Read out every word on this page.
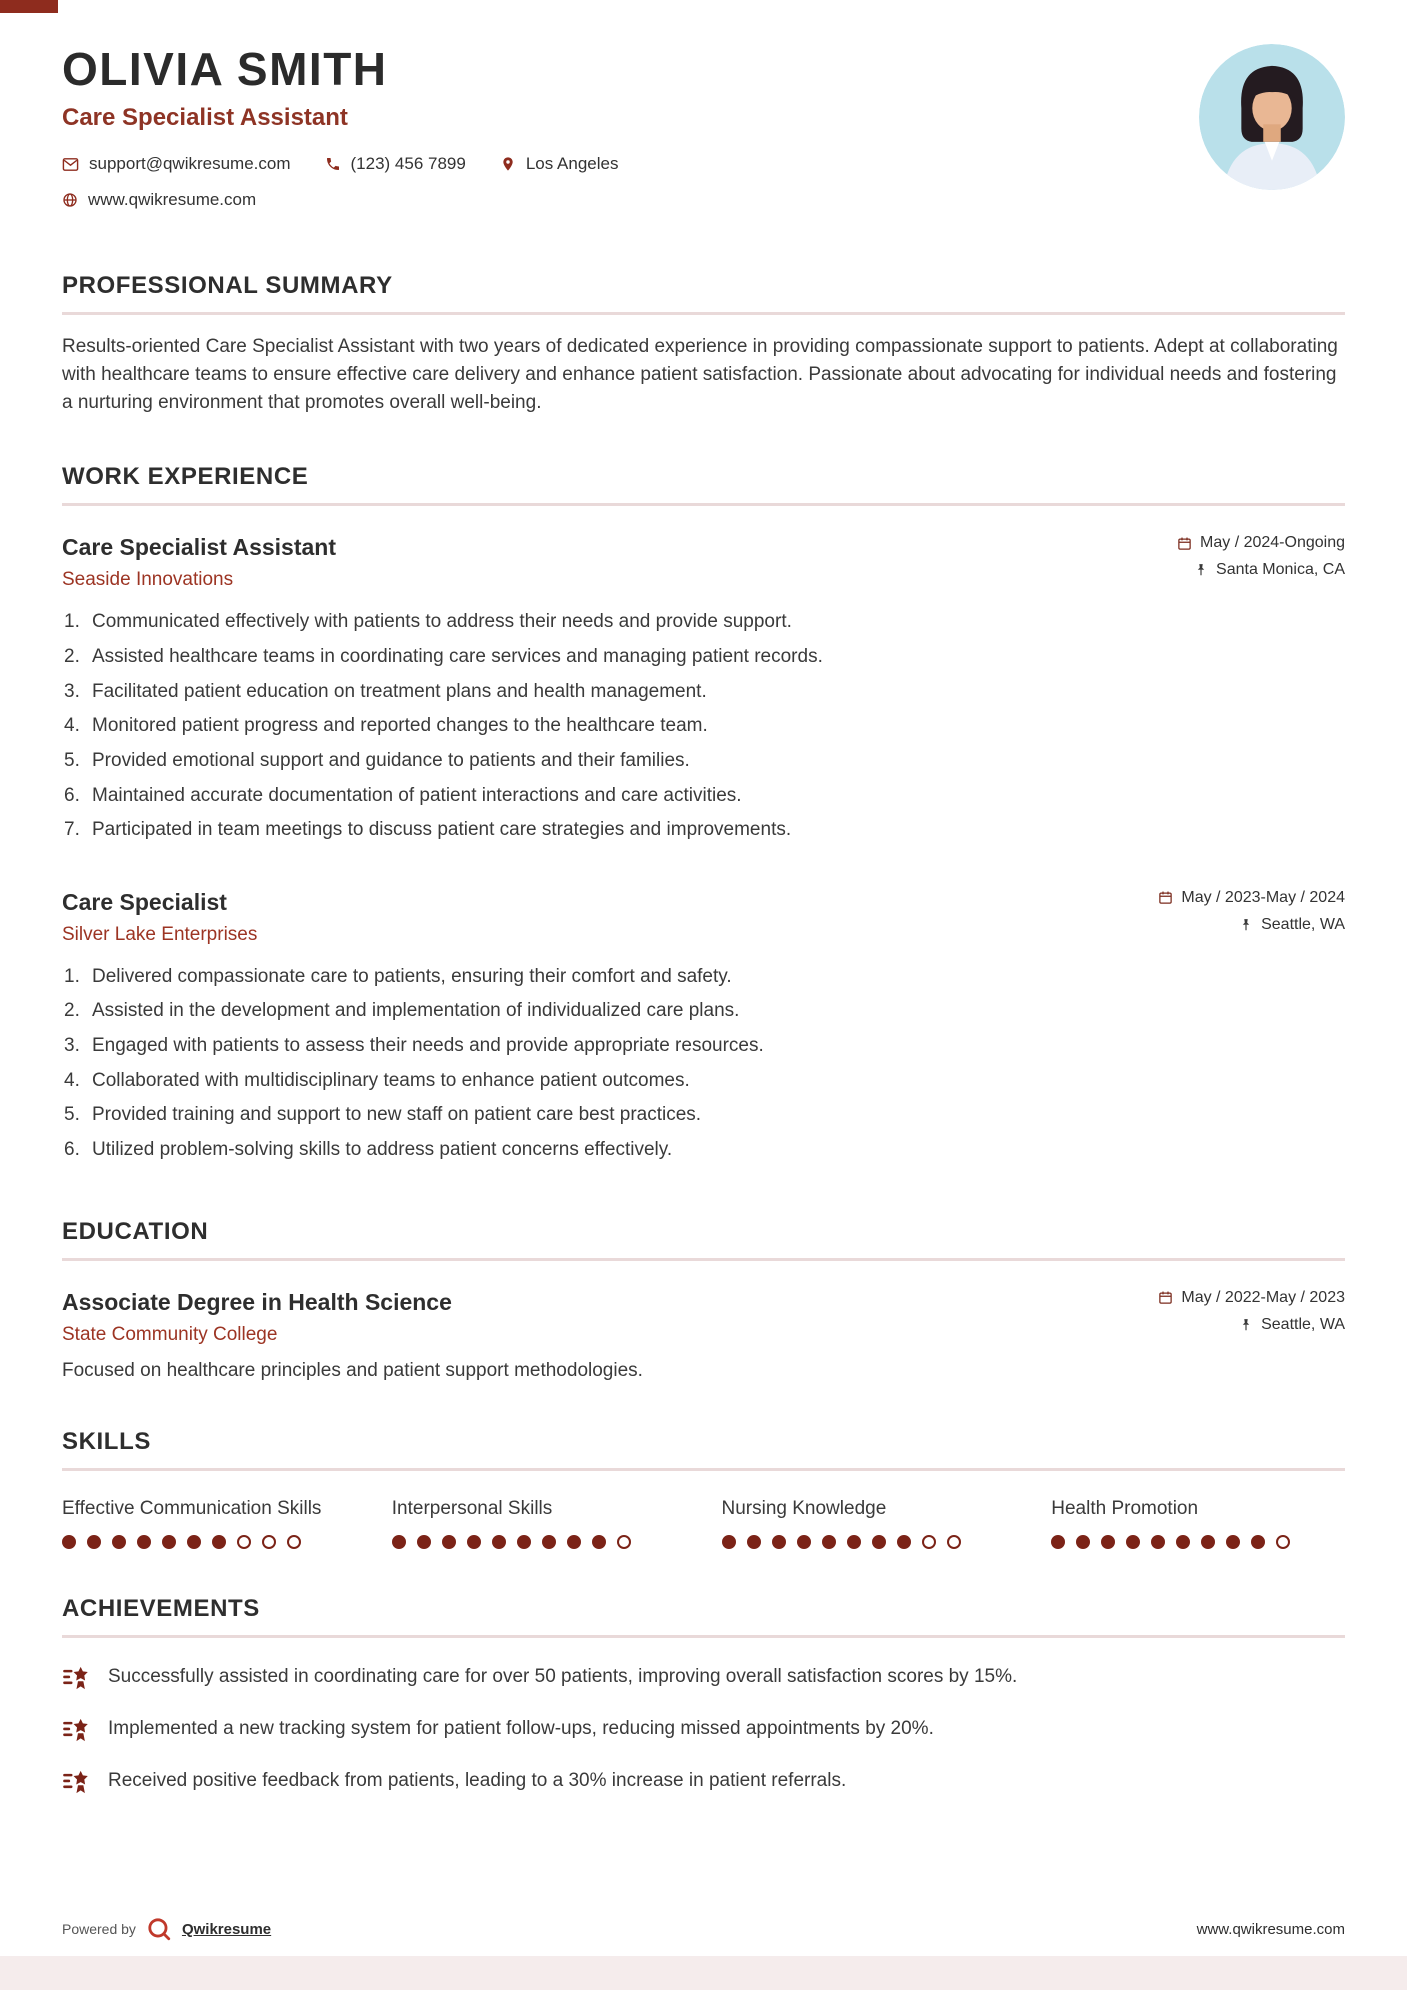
OLIVIA SMITH
Care Specialist Assistant
support@qwikresume.com	(123) 456 7899	Los Angeles
www.qwikresume.com
PROFESSIONAL SUMMARY
Results-oriented Care Specialist Assistant with two years of dedicated experience in providing compassionate support to patients. Adept at collaborating with healthcare teams to ensure effective care delivery and enhance patient satisfaction. Passionate about advocating for individual needs and fostering a nurturing environment that promotes overall well-being.
WORK EXPERIENCE
Care Specialist Assistant
Seaside Innovations
May / 2024-Ongoing
Santa Monica, CA
Communicated effectively with patients to address their needs and provide support.
Assisted healthcare teams in coordinating care services and managing patient records.
Facilitated patient education on treatment plans and health management.
Monitored patient progress and reported changes to the healthcare team.
Provided emotional support and guidance to patients and their families.
Maintained accurate documentation of patient interactions and care activities.
Participated in team meetings to discuss patient care strategies and improvements.
Care Specialist
Silver Lake Enterprises
May / 2023-May / 2024
Seattle, WA
Delivered compassionate care to patients, ensuring their comfort and safety.
Assisted in the development and implementation of individualized care plans.
Engaged with patients to assess their needs and provide appropriate resources.
Collaborated with multidisciplinary teams to enhance patient outcomes.
Provided training and support to new staff on patient care best practices.
Utilized problem-solving skills to address patient concerns effectively.
EDUCATION
Associate Degree in Health Science
State Community College
May / 2022-May / 2023
Seattle, WA
Focused on healthcare principles and patient support methodologies.
SKILLS
Effective Communication Skills	Interpersonal Skills	Nursing Knowledge	Health Promotion
ACHIEVEMENTS
Successfully assisted in coordinating care for over 50 patients, improving overall satisfaction scores by 15%.
Implemented a new tracking system for patient follow-ups, reducing missed appointments by 20%.
Received positive feedback from patients, leading to a 30% increase in patient referrals.
Powered by	Qwikresume	www.qwikresume.com
